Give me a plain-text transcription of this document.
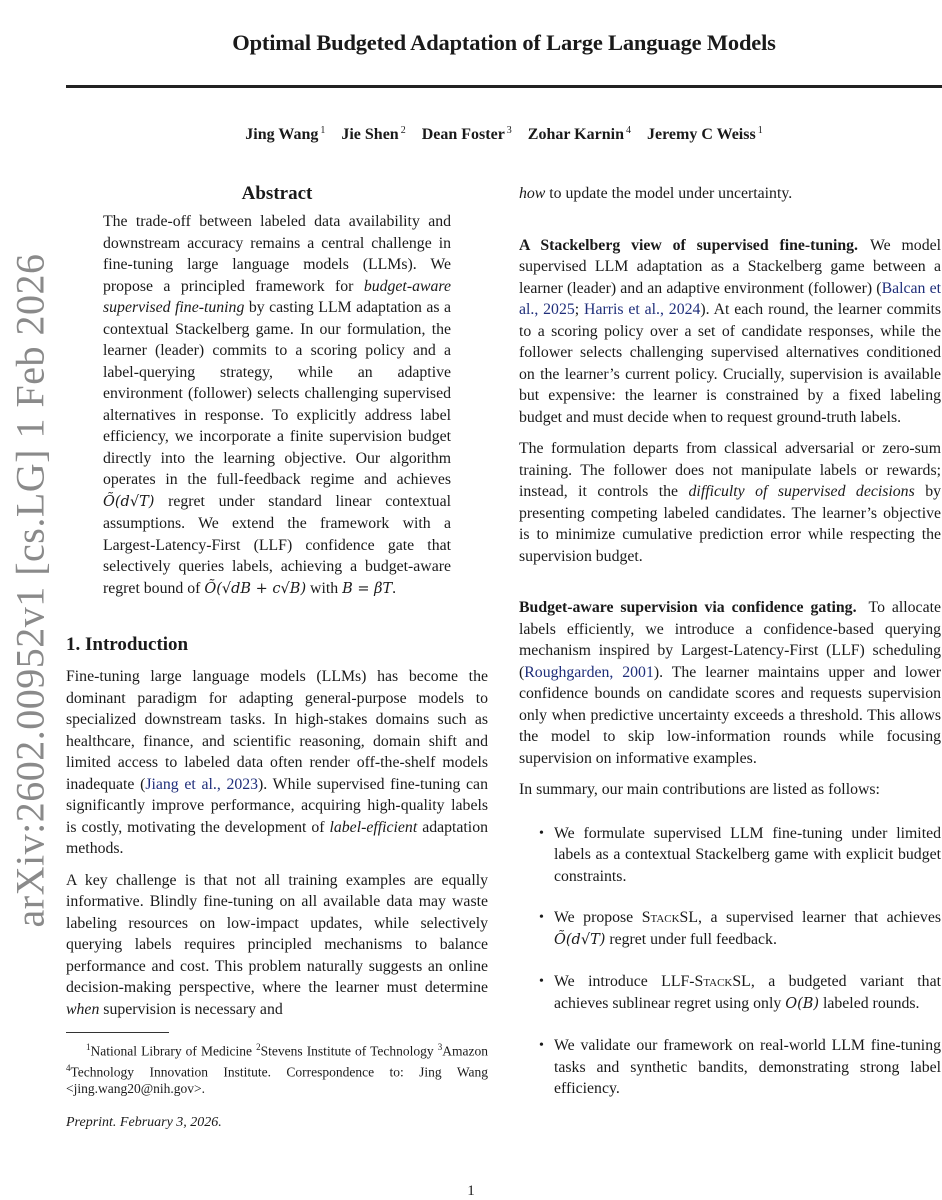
arXiv:2602.00952v1 [cs.LG] 1 Feb 2026
Optimal Budgeted Adaptation of Large Language Models
Jing Wang $^1$ Jie Shen $^2$ Dean Foster $^3$ Zohar Karnin $^4$ Jeremy C Weiss $^1$
Abstract
The trade-off between labeled data availability and downstream accuracy remains a central challenge in fine-tuning large language models (LLMs). We propose a principled framework for budget-aware supervised fine-tuning by casting LLM adaptation as a contextual Stackelberg game. In our formulation, the learner (leader) commits to a scoring policy and a label-querying strategy, while an adaptive environment (follower) selects challenging supervised alternatives in response. To explicitly address label efficiency, we incorporate a finite supervision budget directly into the learning objective. Our algorithm operates in the full-feedback regime and achieves Õ(d√T) regret under standard linear contextual assumptions. We extend the framework with a Largest-Latency-First (LLF) confidence gate that selectively queries labels, achieving a budget-aware regret bound of Õ(√dB + c√B) with B = βT.
1. Introduction

Fine-tuning large language models (LLMs) has become the dominant paradigm for adapting general-purpose models to specialized downstream tasks. In high-stakes domains such as healthcare, finance, and scientific reasoning, domain shift and limited access to labeled data often render off-the-shelf models inadequate (Jiang et al., 2023). While supervised fine-tuning can significantly improve performance, acquiring high-quality labels is costly, motivating the development of label-efficient adaptation methods.

A key challenge is that not all training examples are equally informative. Blindly fine-tuning on all available data may waste labeling resources on low-impact updates, while selectively querying labels requires principled mechanisms to balance performance and cost. This problem naturally suggests an online decision-making perspective, where the learner must determine when supervision is necessary and

$^1$National Library of Medicine $^2$Stevens Institute of Technology $^3$Amazon $^4$Technology Innovation Institute. Correspondence to: Jing Wang <jing.wang20@nih.gov>.

Preprint. February 3, 2026.

how to update the model under uncertainty.

A Stackelberg view of supervised fine-tuning. We model supervised LLM adaptation as a Stackelberg game between a learner (leader) and an adaptive environment (follower) (Balcan et al., 2025; Harris et al., 2024). At each round, the learner commits to a scoring policy over a set of candidate responses, while the follower selects challenging supervised alternatives conditioned on the learner’s current policy. Crucially, supervision is available but expensive: the learner is constrained by a fixed labeling budget and must decide when to request ground-truth labels.

The formulation departs from classical adversarial or zero-sum training. The follower does not manipulate labels or rewards; instead, it controls the difficulty of supervised decisions by presenting competing labeled candidates. The learner’s objective is to minimize cumulative prediction error while respecting the supervision budget.

Budget-aware supervision via confidence gating. To allocate labels efficiently, we introduce a confidence-based querying mechanism inspired by Largest-Latency-First (LLF) scheduling (Roughgarden, 2001). The learner maintains upper and lower confidence bounds on candidate scores and requests supervision only when predictive uncertainty exceeds a threshold. This allows the model to skip low-information rounds while focusing supervision on informative examples.

In summary, our main contributions are listed as follows:

• We formulate supervised LLM fine-tuning under limited labels as a contextual Stackelberg game with explicit budget constraints.
• We propose StackSL, a supervised learner that achieves Õ(d√T) regret under full feedback.
• We introduce LLF-StackSL, a budgeted variant that achieves sublinear regret using only O(B) labeled rounds.
• We validate our framework on real-world LLM fine-tuning tasks and synthetic bandits, demonstrating strong label efficiency.
1
